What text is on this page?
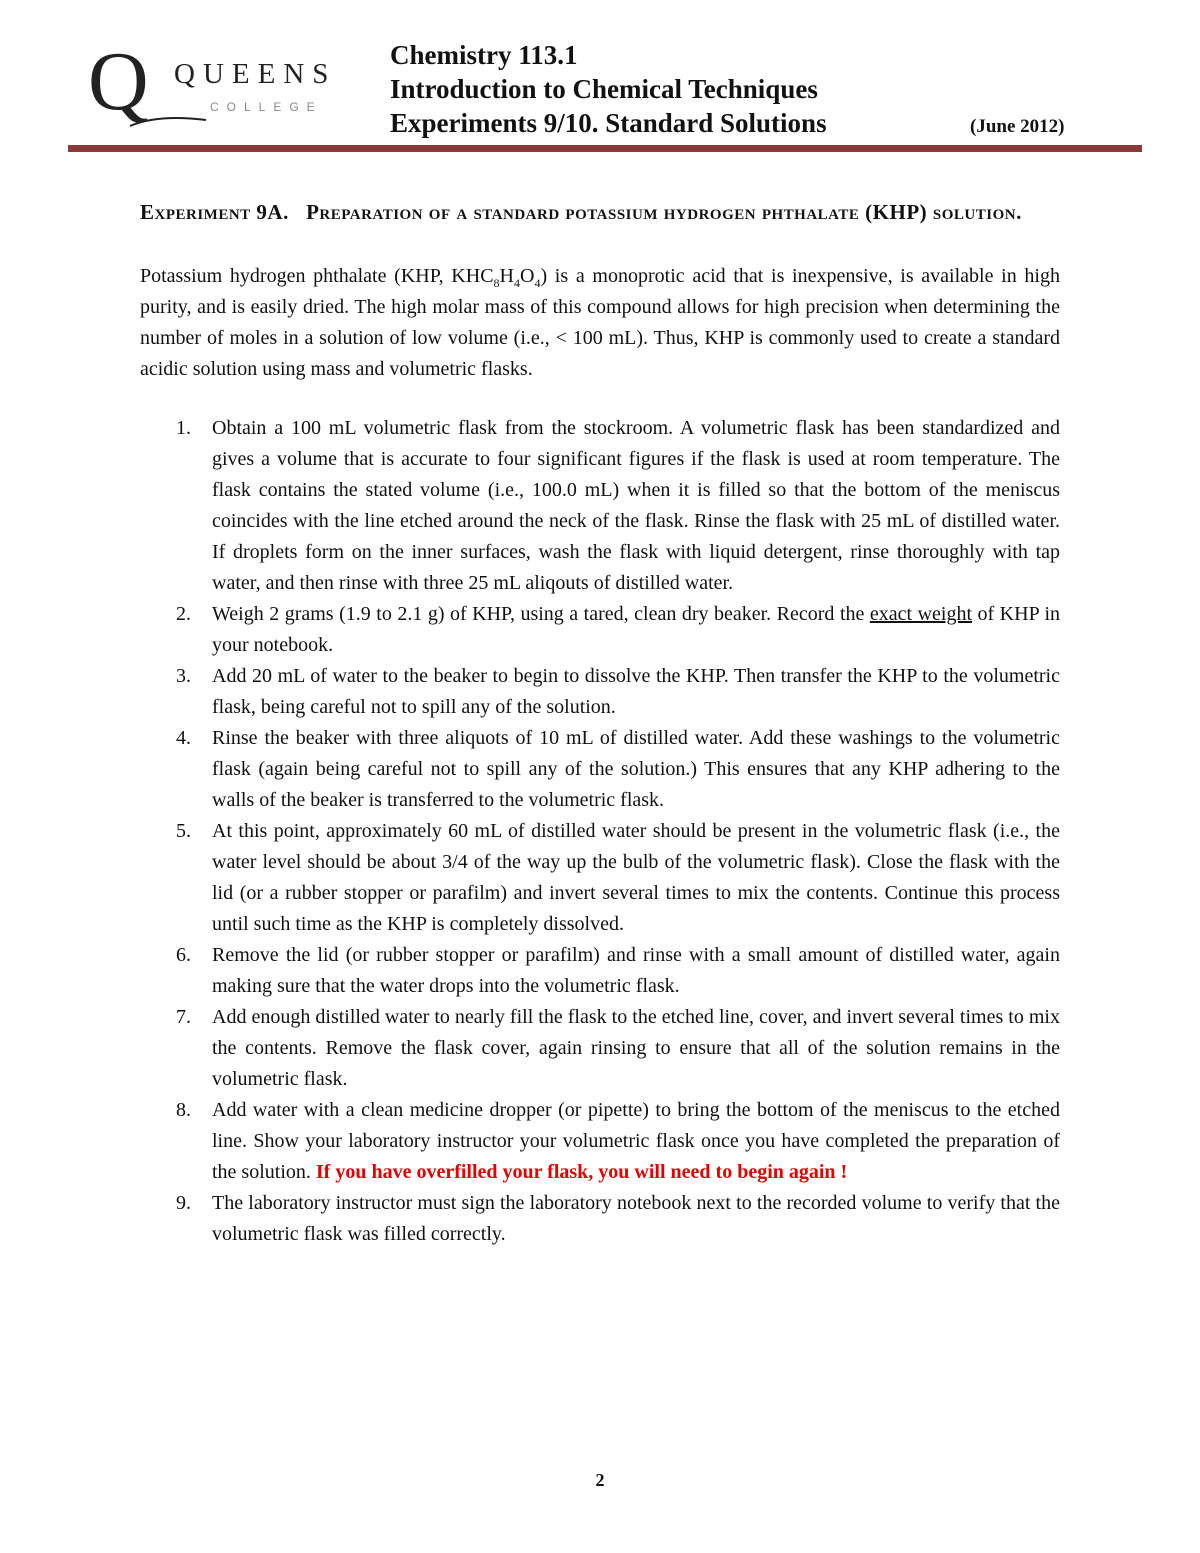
Q QUEENS
COLLEGE
Chemistry 113.1
Introduction to Chemical Techniques
Experiments 9/10. Standard Solutions	(June 2012)
Experiment 9A. Preparation of a standard potassium hydrogen phthalate (KHP) solution.

Potassium hydrogen phthalate (KHP, $KHC_8H_4O_4$) is a monoprotic acid that is inexpensive, is available in high purity, and is easily dried. The high molar mass of this compound allows for high precision when determining the number of moles in a solution of low volume (i.e., < 100 mL). Thus, KHP is commonly used to create a standard acidic solution using mass and volumetric flasks.

1. Obtain a 100 mL volumetric flask from the stockroom. A volumetric flask has been standardized and gives a volume that is accurate to four significant figures if the flask is used at room temperature. The flask contains the stated volume (i.e., 100.0 mL) when it is filled so that the bottom of the meniscus coincides with the line etched around the neck of the flask. Rinse the flask with 25 mL of distilled water. If droplets form on the inner surfaces, wash the flask with liquid detergent, rinse thoroughly with tap water, and then rinse with three 25 mL aliqouts of distilled water.
2. Weigh 2 grams (1.9 to 2.1 g) of KHP, using a tared, clean dry beaker. Record the exact weight of KHP in your notebook.
3. Add 20 mL of water to the beaker to begin to dissolve the KHP. Then transfer the KHP to the volumetric flask, being careful not to spill any of the solution.
4. Rinse the beaker with three aliquots of 10 mL of distilled water. Add these washings to the volumetric flask (again being careful not to spill any of the solution.) This ensures that any KHP adhering to the walls of the beaker is transferred to the volumetric flask.
5. At this point, approximately 60 mL of distilled water should be present in the volumetric flask (i.e., the water level should be about 3/4 of the way up the bulb of the volumetric flask). Close the flask with the lid (or a rubber stopper or parafilm) and invert several times to mix the contents. Continue this process until such time as the KHP is completely dissolved.
6. Remove the lid (or rubber stopper or parafilm) and rinse with a small amount of distilled water, again making sure that the water drops into the volumetric flask.
7. Add enough distilled water to nearly fill the flask to the etched line, cover, and invert several times to mix the contents. Remove the flask cover, again rinsing to ensure that all of the solution remains in the volumetric flask.
8. Add water with a clean medicine dropper (or pipette) to bring the bottom of the meniscus to the etched line. Show your laboratory instructor your volumetric flask once you have completed the preparation of the solution. If you have overfilled your flask, you will need to begin again !
9. The laboratory instructor must sign the laboratory notebook next to the recorded volume to verify that the volumetric flask was filled correctly.
2
